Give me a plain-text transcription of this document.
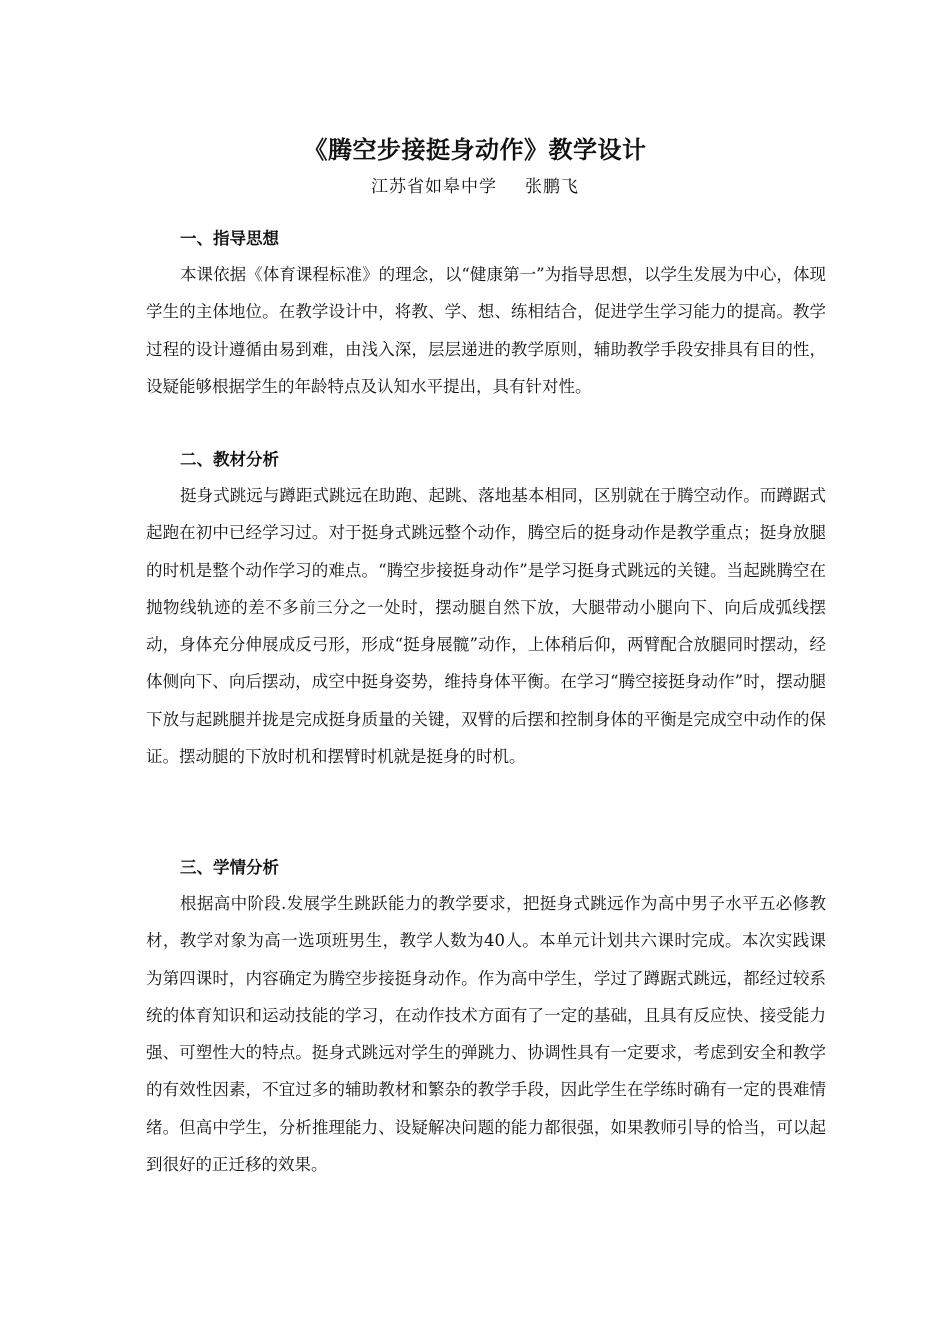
《腾空步接挺身动作》教学设计
江苏省如皋中学 张鹏飞
一、指导思想

本课依据《体育课程标准》的理念，以“健康第一”为指导思想，以学生发展为中心，体现学生的主体地位。在教学设计中，将教、学、想、练相结合，促进学生学习能力的提高。教学过程的设计遵循由易到难，由浅入深，层层递进的教学原则，辅助教学手段安排具有目的性，设疑能够根据学生的年龄特点及认知水平提出，具有针对性。

二、教材分析

挺身式跳远与蹲距式跳远在助跑、起跳、落地基本相同，区别就在于腾空动作。而蹲踞式起跑在初中已经学习过。对于挺身式跳远整个动作，腾空后的挺身动作是教学重点；挺身放腿的时机是整个动作学习的难点。“腾空步接挺身动作”是学习挺身式跳远的关键。当起跳腾空在抛物线轨迹的差不多前三分之一处时，摆动腿自然下放，大腿带动小腿向下、向后成弧线摆动，身体充分伸展成反弓形，形成“挺身展髋”动作，上体稍后仰，两臂配合放腿同时摆动，经体侧向下、向后摆动，成空中挺身姿势，维持身体平衡。在学习“腾空接挺身动作”时，摆动腿下放与起跳腿并拢是完成挺身质量的关键，双臂的后摆和控制身体的平衡是完成空中动作的保证。摆动腿的下放时机和摆臂时机就是挺身的时机。

三、学情分析

根据高中阶段.发展学生跳跃能力的教学要求，把挺身式跳远作为高中男子水平五必修教材，教学对象为高一选项班男生，教学人数为40人。本单元计划共六课时完成。本次实践课为第四课时，内容确定为腾空步接挺身动作。作为高中学生，学过了蹲踞式跳远，都经过较系统的体育知识和运动技能的学习，在动作技术方面有了一定的基础，且具有反应快、接受能力强、可塑性大的特点。挺身式跳远对学生的弹跳力、协调性具有一定要求，考虑到安全和教学的有效性因素，不宜过多的辅助教材和繁杂的教学手段，因此学生在学练时确有一定的畏难情绪。但高中学生，分析推理能力、设疑解决问题的能力都很强，如果教师引导的恰当，可以起到很好的正迁移的效果。
